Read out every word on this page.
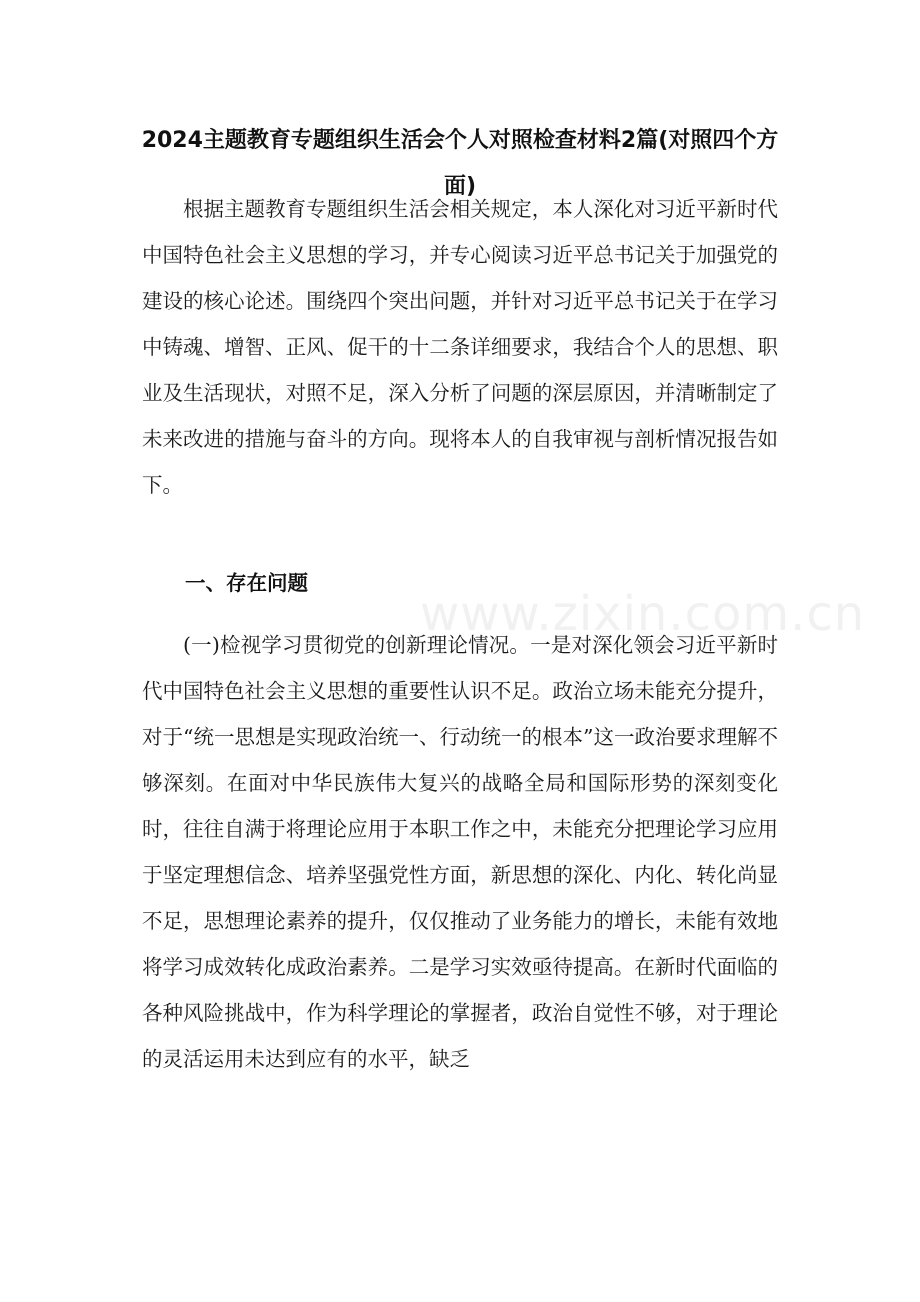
2024主题教育专题组织生活会个人对照检查材料2篇(对照四个方面)

根据主题教育专题组织生活会相关规定，本人深化对习近平新时代中国特色社会主义思想的学习，并专心阅读习近平总书记关于加强党的建设的核心论述。围绕四个突出问题，并针对习近平总书记关于在学习中铸魂、增智、正风、促干的十二条详细要求，我结合个人的思想、职业及生活现状，对照不足，深入分析了问题的深层原因，并清晰制定了未来改进的措施与奋斗的方向。现将本人的自我审视与剖析情况报告如下。

一、存在问题

(一)检视学习贯彻党的创新理论情况。一是对深化领会习近平新时代中国特色社会主义思想的重要性认识不足。政治立场未能充分提升，对于“统一思想是实现政治统一、行动统一的根本”这一政治要求理解不够深刻。在面对中华民族伟大复兴的战略全局和国际形势的深刻变化时，往往自满于将理论应用于本职工作之中，未能充分把理论学习应用于坚定理想信念、培养坚强党性方面，新思想的深化、内化、转化尚显不足，思想理论素养的提升，仅仅推动了业务能力的增长，未能有效地将学习成效转化成政治素养。二是学习实效亟待提高。在新时代面临的各种风险挑战中，作为科学理论的掌握者，政治自觉性不够，对于理论的灵活运用未达到应有的水平，缺乏

www.zixin.com.cn
